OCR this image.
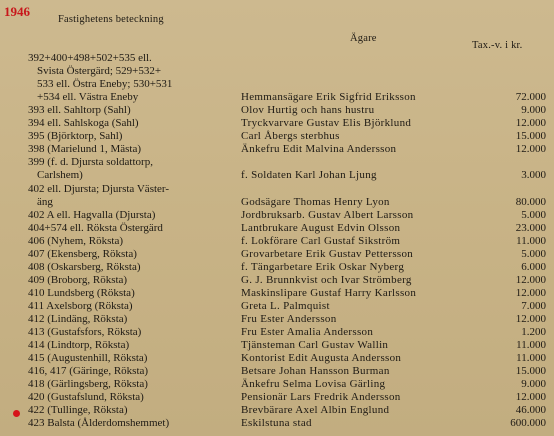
1946
Fastighetens beteckning
Ägare
Tax.-v. i kr.
392+400+498+502+535 ell.
Svista Östergärd; 529+532+
533 ell. Östra Eneby; 530+531
+534 ell. Västra Eneby	Hemmansägare Erik Sigfrid Eriksson	72.000
393 ell. Sahltorp (Sahl)	Olov Hurtig och hans hustru	9.000
394 ell. Sahlskoga (Sahl)	Tryckvarvare Gustav Elis Björklund	12.000
395 (Björktorp, Sahl)	Carl Åbergs sterbhus	15.000
398 (Marielund 1, Mästa)	Änkefru Edit Malvina Andersson	12.000
399 (f. d. Djursta soldattorp,
Carlshem)	f. Soldaten Karl Johan Ljung	3.000
402 ell. Djursta; Djursta Väster-
äng	Godsägare Thomas Henry Lyon	80.000
402 A ell. Hagvalla (Djursta)	Jordbruksarb. Gustav Albert Larsson	5.000
404+574 ell. Röksta Östergärd	Lantbrukare August Edvin Olsson	23.000
406 (Nyhem, Röksta)	f. Lokförare Carl Gustaf Sikström	11.000
407 (Ekensberg, Röksta)	Grovarbetare Erik Gustav Pettersson	5.000
408 (Oskarsberg, Röksta)	f. Tängarbetare Erik Oskar Nyberg	6.000
409 (Broborg, Röksta)	G. J. Brunnkvist och Ivar Strömberg	12.000
410 Lundsberg (Röksta)	Maskinslipare Gustaf Harry Karlsson	12.000
411 Axelsborg (Röksta)	Greta L. Palmquist	7.000
412 (Lindäng, Röksta)	Fru Ester Andersson	12.000
413 (Gustafsfors, Röksta)	Fru Ester Amalia Andersson	1.200
414 (Lindtorp, Röksta)	Tjänsteman Carl Gustav Wallin	11.000
415 (Augustenhill, Röksta)	Kontorist Edit Augusta Andersson	11.000
416, 417 (Gäringe, Röksta)	Betsare Johan Hansson Burman	15.000
418 (Gärlingsberg, Röksta)	Änkefru Selma Lovisa Gärling	9.000
420 (Gustafslund, Röksta)	Pensionär Lars Fredrik Andersson	12.000
422 (Tullinge, Röksta)	Brevbärare Axel Albin Englund	46.000
423 Balsta (Ålderdomshemmet)	Eskilstuna stad	600.000
